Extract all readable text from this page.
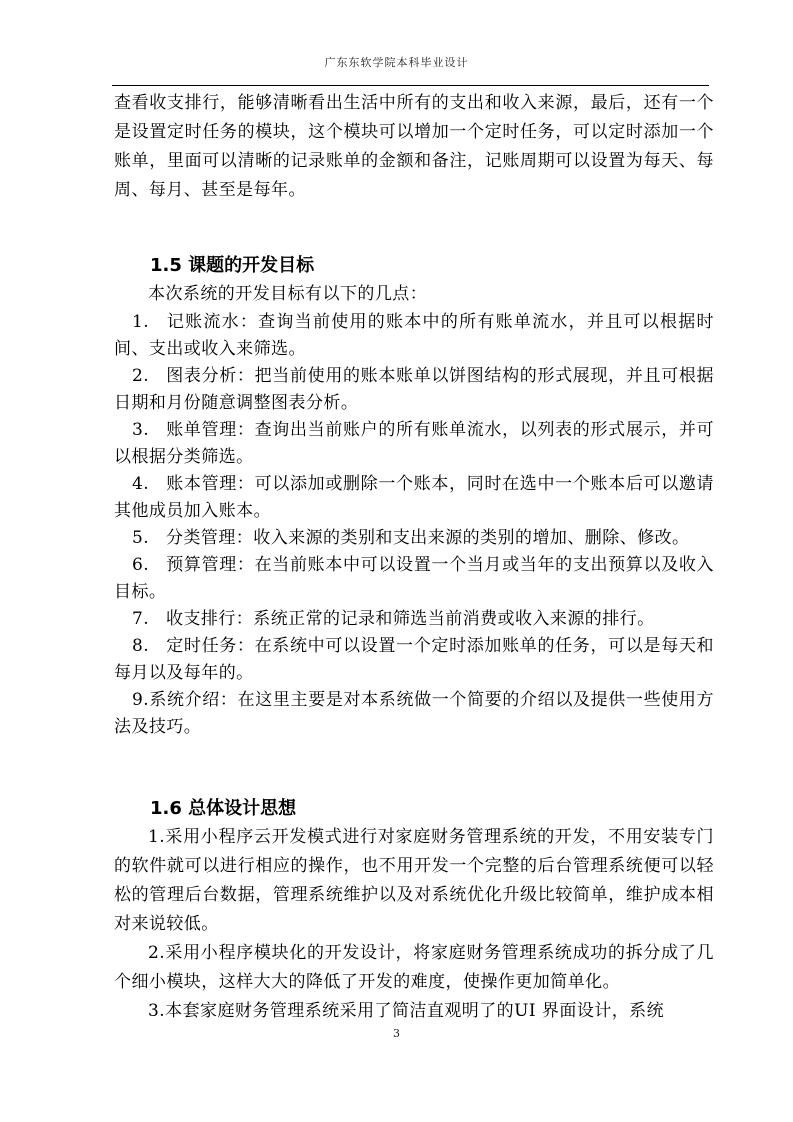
广东东软学院本科毕业设计

查看收支排行，能够清晰看出生活中所有的支出和收入来源，最后，还有一个是设置定时任务的模块，这个模块可以增加一个定时任务，可以定时添加一个账单，里面可以清晰的记录账单的金额和备注，记账周期可以设置为每天、每周、每月、甚至是每年。

1.5 课题的开发目标

本次系统的开发目标有以下的几点：

1. 记账流水：查询当前使用的账本中的所有账单流水，并且可以根据时间、支出或收入来筛选。

2. 图表分析：把当前使用的账本账单以饼图结构的形式展现，并且可根据日期和月份随意调整图表分析。

3. 账单管理：查询出当前账户的所有账单流水，以列表的形式展示，并可以根据分类筛选。

4. 账本管理：可以添加或删除一个账本，同时在选中一个账本后可以邀请其他成员加入账本。

5. 分类管理：收入来源的类别和支出来源的类别的增加、删除、修改。

6. 预算管理：在当前账本中可以设置一个当月或当年的支出预算以及收入目标。

7. 收支排行：系统正常的记录和筛选当前消费或收入来源的排行。

8. 定时任务：在系统中可以设置一个定时添加账单的任务，可以是每天和每月以及每年的。

9.系统介绍：在这里主要是对本系统做一个简要的介绍以及提供一些使用方法及技巧。

1.6 总体设计思想

1.采用小程序云开发模式进行对家庭财务管理系统的开发，不用安装专门的软件就可以进行相应的操作，也不用开发一个完整的后台管理系统便可以轻松的管理后台数据，管理系统维护以及对系统优化升级比较简单，维护成本相对来说较低。

2.采用小程序模块化的开发设计，将家庭财务管理系统成功的拆分成了几个细小模块，这样大大的降低了开发的难度，使操作更加简单化。

3.本套家庭财务管理系统采用了简洁直观明了的UI 界面设计，系统

3
